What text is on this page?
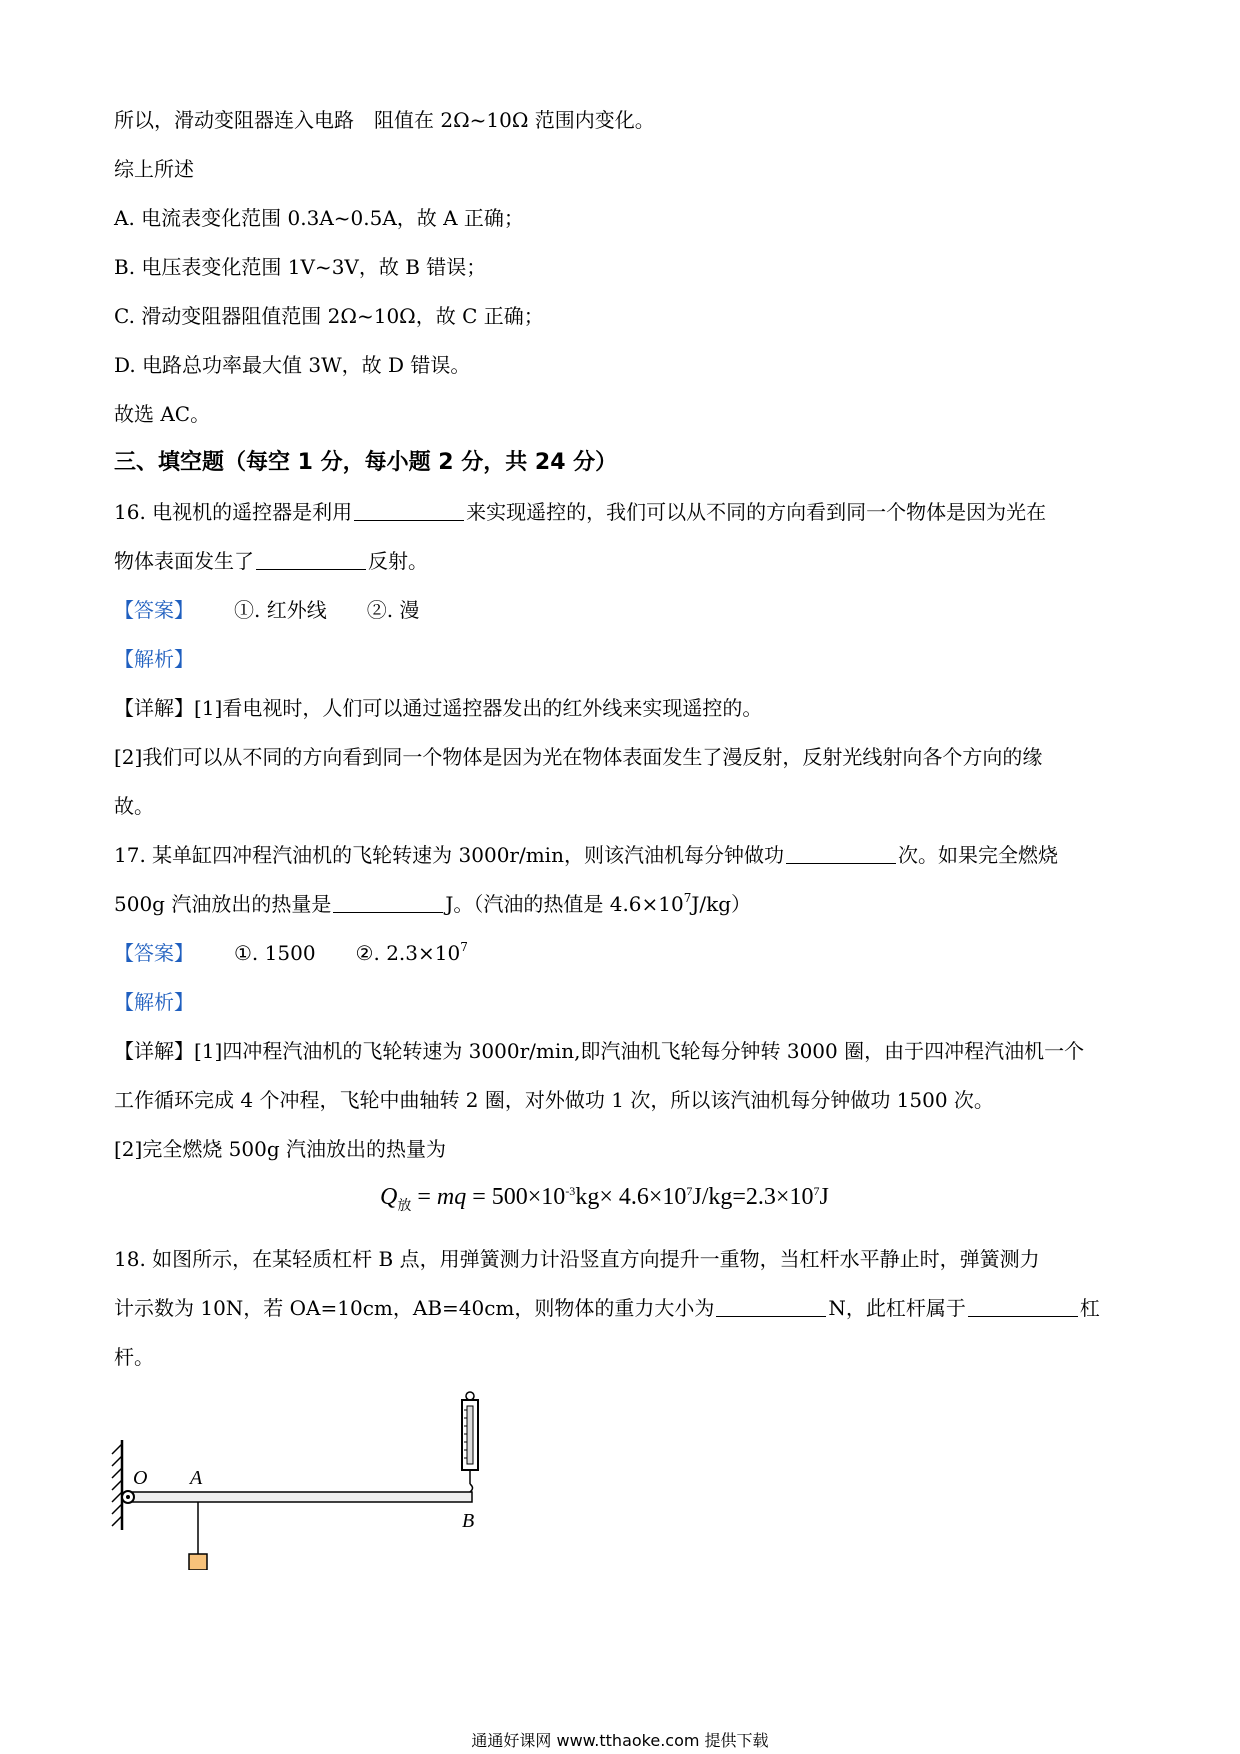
所以，滑动变阻器连入电路　阻值在 2Ω~10Ω 范围内变化。
综上所述
A. 电流表变化范围 0.3A~0.5A，故 A 正确；
B. 电压表变化范围 1V~3V，故 B 错误；
C. 滑动变阻器阻值范围 2Ω~10Ω，故 C 正确；
D. 电路总功率最大值 3W，故 D 错误。
故选 AC。
三、填空题（每空 1 分，每小题 2 分，共 24 分）
16. 电视机的遥控器是利用	来实现遥控的，我们可以从不同的方向看到同一个物体是因为光在
物体表面发生了	反射。
【答案】 ①. 红外线 ②. 漫
【解析】
【详解】[1]看电视时，人们可以通过遥控器发出的红外线来实现遥控的。
[2]我们可以从不同的方向看到同一个物体是因为光在物体表面发生了漫反射，反射光线射向各个方向的缘
故。
17. 某单缸四冲程汽油机的飞轮转速为 3000r/min，则该汽油机每分钟做功	次。如果完全燃烧
500g 汽油放出的热量是	J。（汽油的热值是 $4.6\times 10^7J/kg$）
【答案】 ①. 1500 ②. $2.3\times 10^7$
【解析】
【详解】[1]四冲程汽油机的飞轮转速为 3000r/min,即汽油机飞轮每分钟转 3000 圈，由于四冲程汽油机一个
工作循环完成 4 个冲程，飞轮中曲轴转 2 圈，对外做功 1 次，所以该汽油机每分钟做功 1500 次。
[2]完全燃烧 500g 汽油放出的热量为
$Q_放$ = mq = $500\times 10^{-3}kg\times 4.6\times 10^7J/kg=2.3\times 10^7J$
18. 如图所示，在某轻质杠杆 B 点，用弹簧测力计沿竖直方向提升一重物，当杠杆水平静止时，弹簧测力
计示数为 10N，若 OA=10cm，AB=40cm，则物体的重力大小为	N，此杠杆属于	杠
杆。
O A
B
通通好课网 www.tthaoke.com 提供下载
